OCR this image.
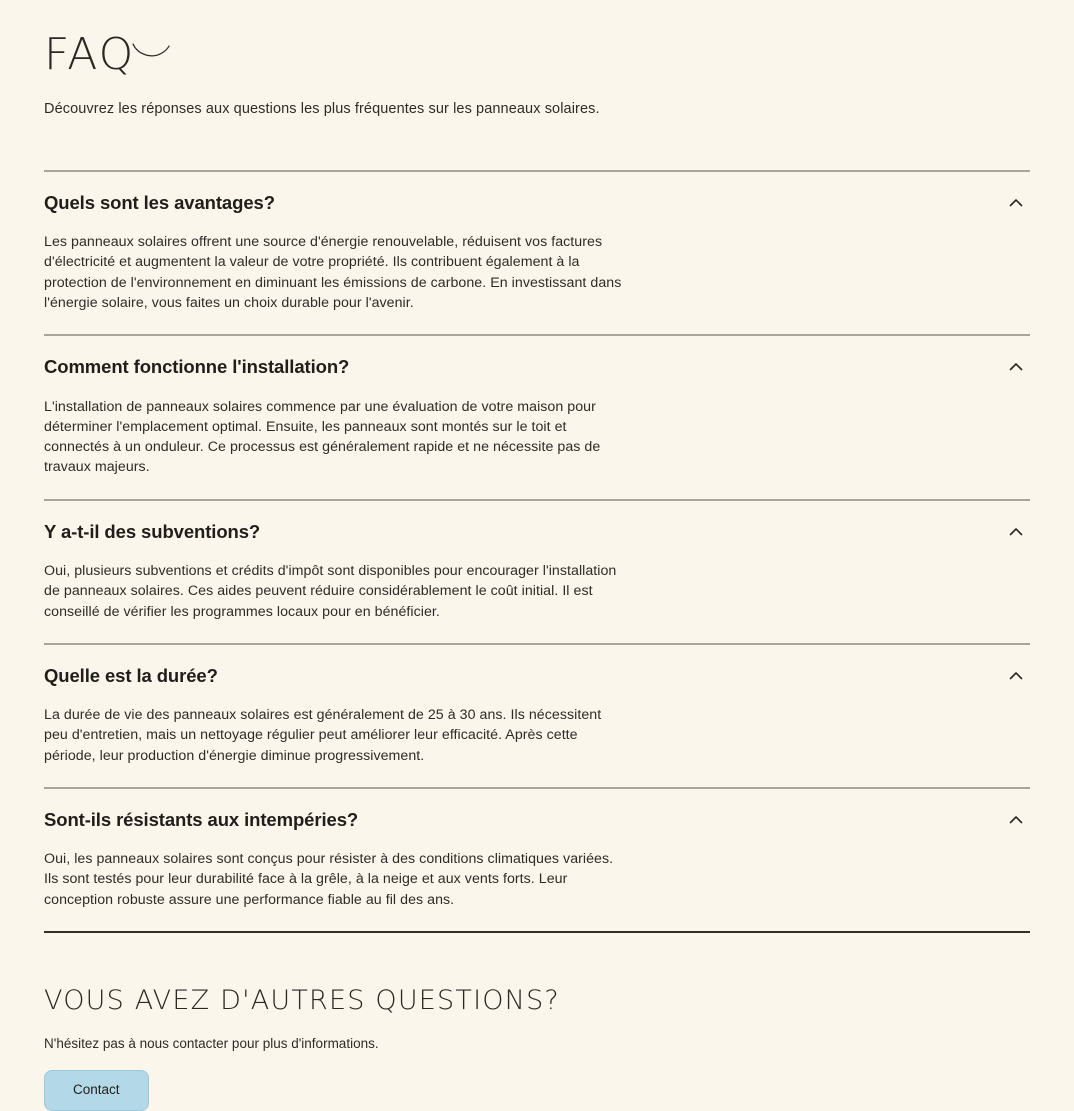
FAQ

Découvrez les réponses aux questions les plus fréquentes sur les panneaux solaires.

Quels sont les avantages?

Les panneaux solaires offrent une source d'énergie renouvelable, réduisent vos factures d'électricité et augmentent la valeur de votre propriété. Ils contribuent également à la protection de l'environnement en diminuant les émissions de carbone. En investissant dans l'énergie solaire, vous faites un choix durable pour l'avenir.

Comment fonctionne l'installation?

L'installation de panneaux solaires commence par une évaluation de votre maison pour déterminer l'emplacement optimal. Ensuite, les panneaux sont montés sur le toit et connectés à un onduleur. Ce processus est généralement rapide et ne nécessite pas de travaux majeurs.

Y a-t-il des subventions?

Oui, plusieurs subventions et crédits d'impôt sont disponibles pour encourager l'installation de panneaux solaires. Ces aides peuvent réduire considérablement le coût initial. Il est conseillé de vérifier les programmes locaux pour en bénéficier.

Quelle est la durée?

La durée de vie des panneaux solaires est généralement de 25 à 30 ans. Ils nécessitent peu d'entretien, mais un nettoyage régulier peut améliorer leur efficacité. Après cette période, leur production d'énergie diminue progressivement.

Sont-ils résistants aux intempéries?

Oui, les panneaux solaires sont conçus pour résister à des conditions climatiques variées. Ils sont testés pour leur durabilité face à la grêle, à la neige et aux vents forts. Leur conception robuste assure une performance fiable au fil des ans.

VOUS AVEZ D'AUTRES QUESTIONS?

N'hésitez pas à nous contacter pour plus d'informations.

Contact
